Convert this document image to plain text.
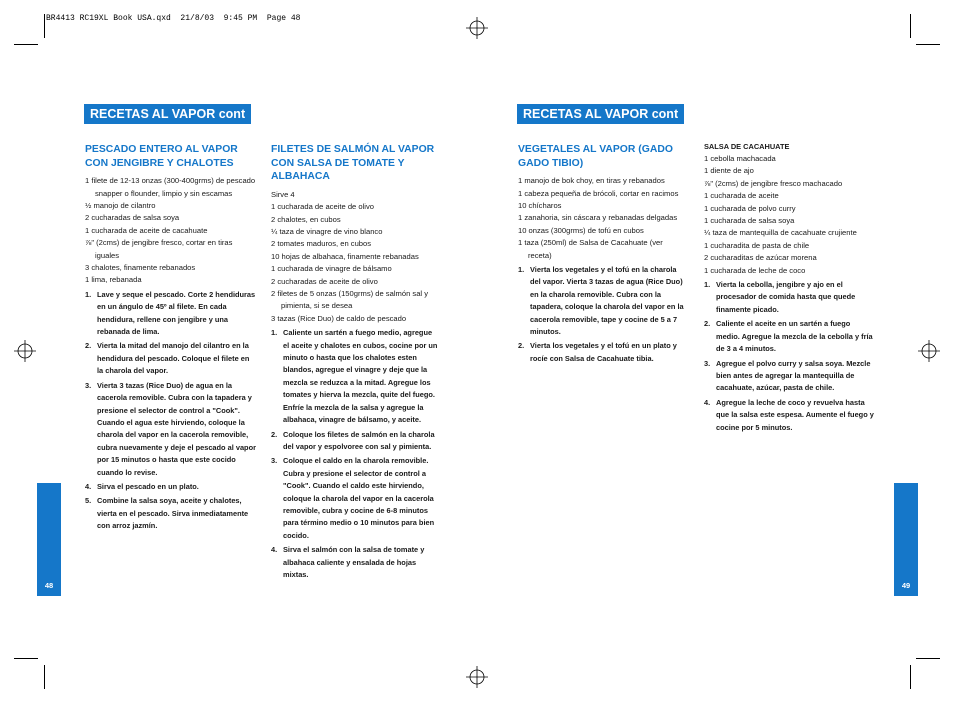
BR4413 RC19XL Book USA.qxd  21/8/03  9:45 PM  Page 48
RECETAS AL VAPOR cont	RECETAS AL VAPOR cont
PESCADO ENTERO AL VAPOR CON JENGIBRE Y CHALOTES
1 filete de 12-13 onzas (300-400grms) de pescado snapper o flounder, limpio y sin escamas
½ manojo de cilantro
2 cucharadas de salsa soya
1 cucharada de aceite de cacahuate
⅞" (2cms) de jengibre fresco, cortar en tiras iguales
3 chalotes, finamente rebanados
1 lima, rebanada
1. Lave y seque el pescado. Corte 2 hendiduras en un ángulo de 45º al filete. En cada hendidura, rellene con jengibre y una rebanada de lima.
2. Vierta la mitad del manojo del cilantro en la hendidura del pescado. Coloque el filete en la charola del vapor.
3. Vierta 3 tazas (Rice Duo) de agua en la cacerola removible. Cubra con la tapadera y presione el selector de control a "Cook". Cuando el agua este hirviendo, coloque la charola del vapor en la cacerola removible, cubra nuevamente y deje el pescado al vapor por 15 minutos o hasta que este cocido cuando lo revise.
4. Sirva el pescado en un plato.
5. Combine la salsa soya, aceite y chalotes, vierta en el pescado. Sirva inmediatamente con arroz jazmín.
FILETES DE SALMÓN AL VAPOR CON SALSA DE TOMATE Y ALBAHACA
Sirve 4
1 cucharada de aceite de olivo
2 chalotes, en cubos
¼ taza de vinagre de vino blanco
2 tomates maduros, en cubos
10 hojas de albahaca, finamente rebanadas
1 cucharada de vinagre de bálsamo
2 cucharadas de aceite de olivo
2 filetes de 5 onzas (150grms) de salmón sal y pimienta, si se desea
3 tazas (Rice Duo) de caldo de pescado
1. Caliente un sartén a fuego medio, agregue el aceite y chalotes en cubos, cocine por un minuto o hasta que los chalotes esten blandos, agregue el vinagre y deje que la mezcla se reduzca a la mitad. Agregue los tomates y hierva la mezcla, quite del fuego. Enfríe la mezcla de la salsa y agregue la albahaca, vinagre de bálsamo, y aceite.
2. Coloque los filetes de salmón en la charola del vapor y espolvoree con sal y pimienta.
3. Coloque el caldo en la charola removible. Cubra y presione el selector de control a "Cook". Cuando el caldo este hirviendo, coloque la charola del vapor en la cacerola removible, cubra y cocine de 6-8 minutos para término medio o 10 minutos para bien cocido.
4. Sirva el salmón con la salsa de tomate y albahaca caliente y ensalada de hojas mixtas.
VEGETALES AL VAPOR (GADO GADO TIBIO)
1 manojo de bok choy, en tiras y rebanados
1 cabeza pequeña de brócoli, cortar en racimos
10 chícharos
1 zanahoria, sin cáscara y rebanadas delgadas
10 onzas (300grms) de tofú en cubos
1 taza (250ml) de Salsa de Cacahuate (ver receta)
1. Vierta los vegetales y el tofú en la charola del vapor. Vierta 3 tazas de agua (Rice Duo) en la charola removible. Cubra con la tapadera, coloque la charola del vapor en la cacerola removible, tape y cocine de 5 a 7 minutos.
2. Vierta los vegetales y el tofú en un plato y rocíe con Salsa de Cacahuate tibia.
SALSA DE CACAHUATE
1 cebolla machacada
1 diente de ajo
⅞" (2cms) de jengibre fresco machacado
1 cucharada de aceite
1 cucharada de polvo curry
1 cucharada de salsa soya
¼ taza de mantequilla de cacahuate crujiente
1 cucharadita de pasta de chile
2 cucharaditas de azúcar morena
1 cucharada de leche de coco
1. Vierta la cebolla, jengibre y ajo en el procesador de comida hasta que quede finamente picado.
2. Caliente el aceite en un sartén a fuego medio. Agregue la mezcla de la cebolla y fría de 3 a 4 minutos.
3. Agregue el polvo curry y salsa soya. Mezcle bien antes de agregar la mantequilla de cacahuate, azúcar, pasta de chile.
4. Agregue la leche de coco y revuelva hasta que la salsa este espesa. Aumente el fuego y cocine por 5 minutos.
48	49
